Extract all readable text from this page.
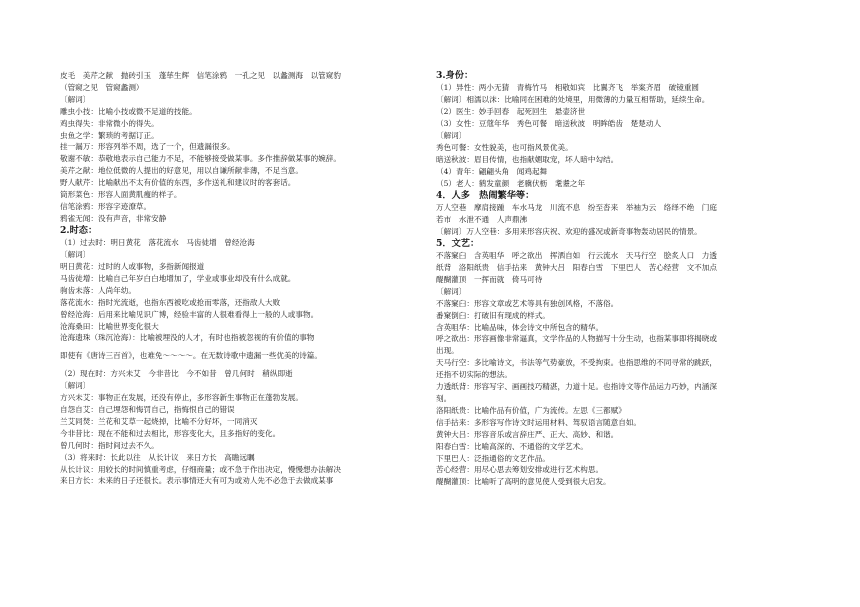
皮毛　美芹之献　抛砖引玉　蓬荜生辉　信笔涂鸦　一孔之见　以蠡测海　以管窥豹
（管窥之见　管窥蠡测）
〔解词〕
雕虫小技：比喻小技或微不足道的技能。
鸡虫得失：非常微小的得失。
虫鱼之学：繁琐的考据订正。
挂一漏万：形容列举不周，选了一个，但遗漏很多。
敬谢不敏：恭敬地表示自己能力不足，不能够接受做某事。多作推辞做某事的婉辞。
美芹之献：地位低微的人提出的好意见，用以自谦所献非薄，不足当意。
野人献芹：比喻献出不太有价值的东西，多作送礼和建议时的客套话。
筒形菜色：形容人面黄肌瘦的样子。
信笔涂鸦：形容字迹潦草。
鸦雀无闻：没有声音，非常安静
2.时态：
（1）过去时：明日黄花　落花流水　马齿徒增　曾经沧海
〔解词〕
明日黄花：过时的人或事物，多指新闻报道
马齿徒增：比喻自己年岁白白地增加了，学业或事业却没有什么成就。
驹齿未落：人尚年幼。
落花流水：指时光流逝，也指东西被吃或抢而零落，还指敌人大败
曾经沧海：后用来比喻见识广博，经验丰富的人很难看得上一般的人或事物。
沧海桑田：比喻世界变化很大
沧海遗珠（珠沉沧海）：比喻被埋没的人才，有时也指被忽视的有价值的事物
即使有《唐诗三百首》，也难免～～～～。在无数诗歌中遗漏一些优美的诗篇。
（2）现在时：方兴未艾　今非昔比　今不如昔　曾几何时　稍纵即逝
〔解词〕
方兴未艾：事物正在发展，还没有停止，多形容新生事物正在蓬勃发展。
自怨自艾：自己埋怨和悔罚自己，指悔恨自己的错误
兰艾同焚：兰花和艾草一起烧掉，比喻不分好坏，一同消灭
今非昔比：现在不能和过去相比，形容变化大，且多指好的变化。
曾几何时：指时间过去不久。
（3）将来时：长此以往　从长计议　来日方长　高瞻远瞩
从长计议：用较长的时间慎重考虑，仔细商量；或不急于作出决定，慢慢想办法解决
来日方长：未来的日子还很长。表示事情还大有可为或劝人先不必急于去做成某事
3.身份：
（1）异性：两小无猜　青梅竹马　相敬如宾　比翼齐飞　举案齐眉　破镜重圆
〔解词〕相濡以沫：比喻同在困难的处境里，用微薄的力量互相帮助，延续生命。
（2）医生：妙手回春　起死回生　悬壶济世
（3）女性：豆蔻年华　秀色可餐　暗送秋波　明眸皓齿　楚楚动人
〔解词〕
秀色可餐：女性貌美，也可指风景优美。
暗送秋波：眉目传情，也指献媚取宠，坏人暗中勾结。
（4）青年：翩翩头角　闻鸡起舞
（5）老人：鹤发童颜　老骥伏枥　耄耋之年
4．人多　热闹繁华等：
万人空巷　摩肩接踵　车水马龙　川流不息　纷至沓来　举袖为云　络绎不绝　门庭
若市　水泄不通　人声鼎沸
〔解词〕万人空巷：多用来形容庆祝、欢迎的盛况或新奇事物轰动居民的情景。
5．文艺：
不落窠臼　含英咀华　呼之欲出　挥洒自如　行云流水　天马行空　脍炙人口　力透
纸背　洛阳纸贵　信手拈来　黄钟大吕　阳春白雪　下里巴人　苦心经营　文不加点
醍醐灌顶　一挥而就　倚马可待
〔解词〕
不落窠臼：形容文章或艺术等具有独创风格，不落俗。
番窠倒臼：打破旧有现成的样式。
含英咀华：比喻品味，体会诗文中所包含的精华。
呼之欲出：形容画像非常逼真，文学作品的人物描写十分生动，也指某事即将揭晓或
出现。
天马行空：多比喻诗文，书法等气势豪放，不受拘束。也指思维的不同寻常的跳跃，
还指不切实际的想法。
力透纸背：形容写字、画画技巧精湛，力道十足。也指诗文等作品运力巧妙，内涵深
刻。
洛阳纸贵：比喻作品有价值，广为流传。左思《三都赋》
信手拈来：多形容写作诗文时运用材料、驾驭语言随意自如。
黄钟大吕：形容音乐或言辞庄严、正大、高妙、和谐。
阳春白雪：比喻高深的、不通俗的文学艺术。
下里巴人：泛指通俗的文艺作品。
苦心经营：用尽心思去筹划安排或进行艺术构思。
醍醐灌顶：比喻听了高明的意见使人受到很大启发。
